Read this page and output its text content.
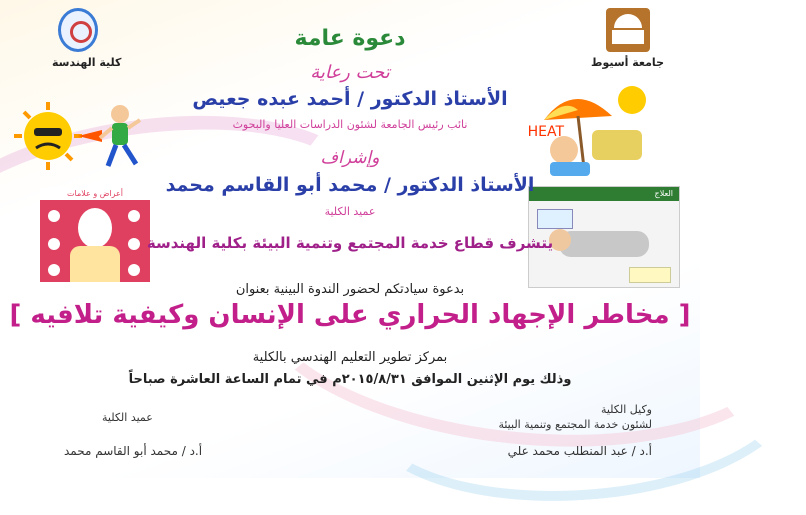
جامعة أسيوط
كلية الهندسة
أعراض و علامات
HEAT
العلاج
دعوة عامة
تحت رعاية
الأستاذ الدكتور / أحمد عبده جعيص
نائب رئيس الجامعة لشئون الدراسات العليا والبحوث
وإشراف
الأستاذ الدكتور / محمد أبو القاسم محمد
عميد الكلية
يتشرف قطاع خدمة المجتمع وتنمية البيئة بكلية الهندسة
بدعوة سيادتكم لحضور الندوة البينية بعنوان
[ مخاطر الإجهاد الحراري على الإنسان وكيفية تلافيه ]
بمركز تطوير التعليم الهندسي بالكلية
وذلك يوم الإثنين الموافق ٢٠١٥/٨/٣١م في تمام الساعة العاشرة صباحاً
وكيل الكلية
لشئون خدمة المجتمع وتنمية البيئة
أ.د / عبد المنطلب محمد علي
عميد الكلية
أ.د / محمد أبو القاسم محمد
